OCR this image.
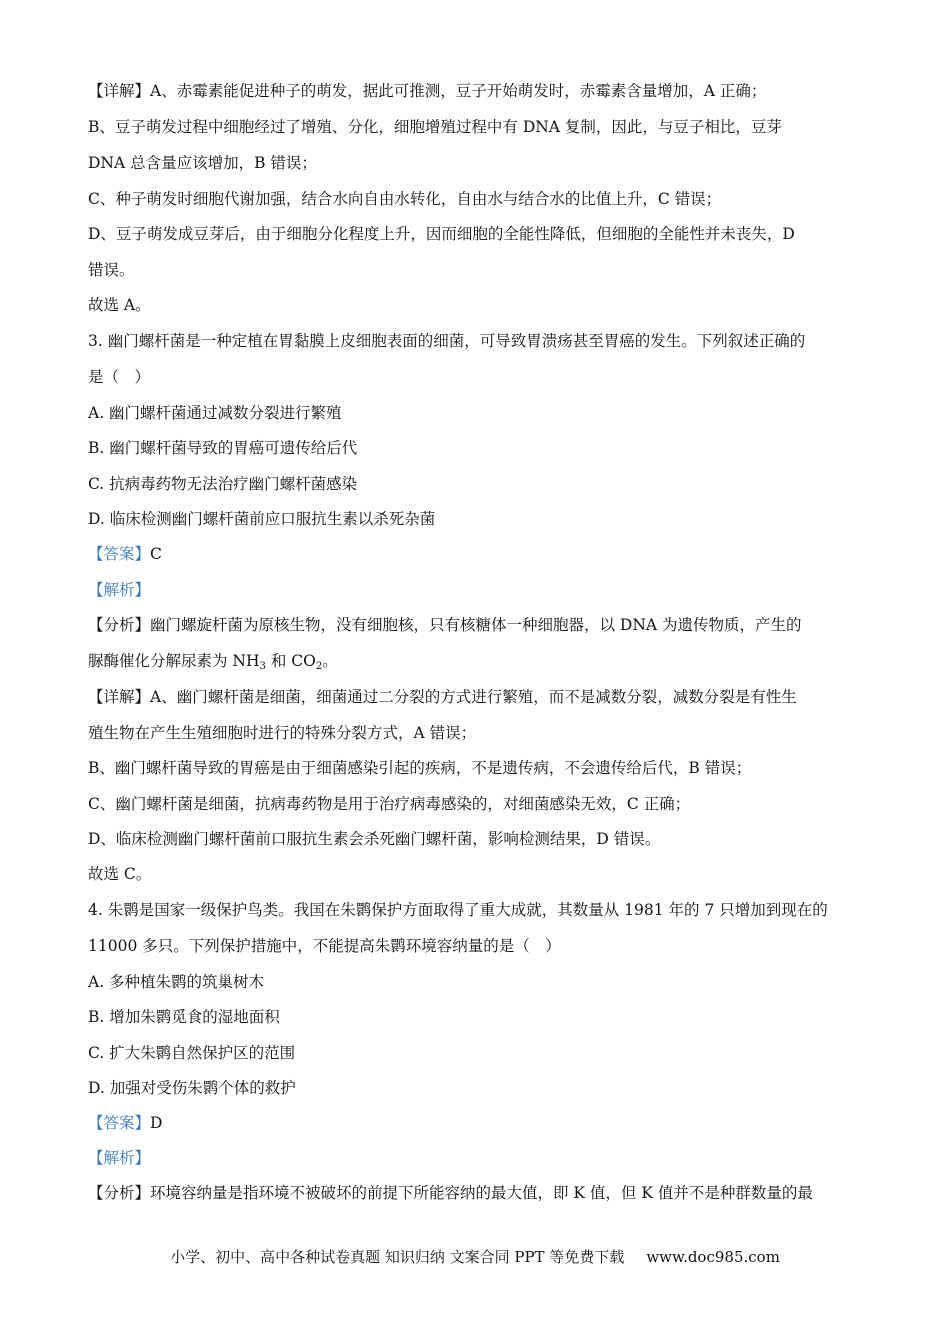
【详解】A、赤霉素能促进种子的萌发，据此可推测，豆子开始萌发时，赤霉素含量增加，A 正确；
B、豆子萌发过程中细胞经过了增殖、分化，细胞增殖过程中有 DNA 复制，因此，与豆子相比，豆芽
DNA 总含量应该增加，B 错误；
C、种子萌发时细胞代谢加强，结合水向自由水转化，自由水与结合水的比值上升，C 错误；
D、豆子萌发成豆芽后，由于细胞分化程度上升，因而细胞的全能性降低，但细胞的全能性并未丧失，D
错误。
故选 A。
3. 幽门螺杆菌是一种定植在胃黏膜上皮细胞表面的细菌，可导致胃溃疡甚至胃癌的发生。下列叙述正确的
是（　）
A. 幽门螺杆菌通过减数分裂进行繁殖
B. 幽门螺杆菌导致的胃癌可遗传给后代
C. 抗病毒药物无法治疗幽门螺杆菌感染
D. 临床检测幽门螺杆菌前应口服抗生素以杀死杂菌
【答案】C
【解析】
【分析】幽门螺旋杆菌为原核生物，没有细胞核，只有核糖体一种细胞器，以 DNA 为遗传物质，产生的
脲酶催化分解尿素为 $NH_3$ 和 $CO_2$。
【详解】A、幽门螺杆菌是细菌，细菌通过二分裂的方式进行繁殖，而不是减数分裂，减数分裂是有性生
殖生物在产生生殖细胞时进行的特殊分裂方式，A 错误；
B、幽门螺杆菌导致的胃癌是由于细菌感染引起的疾病，不是遗传病，不会遗传给后代，B 错误；
C、幽门螺杆菌是细菌，抗病毒药物是用于治疗病毒感染的，对细菌感染无效，C 正确；
D、临床检测幽门螺杆菌前口服抗生素会杀死幽门螺杆菌，影响检测结果，D 错误。
故选 C。
4. 朱鹮是国家一级保护鸟类。我国在朱鹮保护方面取得了重大成就，其数量从 1981 年的 7 只增加到现在的
11000 多只。下列保护措施中，不能提高朱鹮环境容纳量的是（　）
A. 多种植朱鹮的筑巢树木
B. 增加朱鹮觅食的湿地面积
C. 扩大朱鹮自然保护区的范围
D. 加强对受伤朱鹮个体的救护
【答案】D
【解析】
【分析】环境容纳量是指环境不被破坏的前提下所能容纳的最大值，即 K 值，但 K 值并不是种群数量的最
小学、初中、高中各种试卷真题 知识归纳 文案合同 PPT 等免费下载 www.doc985.com
